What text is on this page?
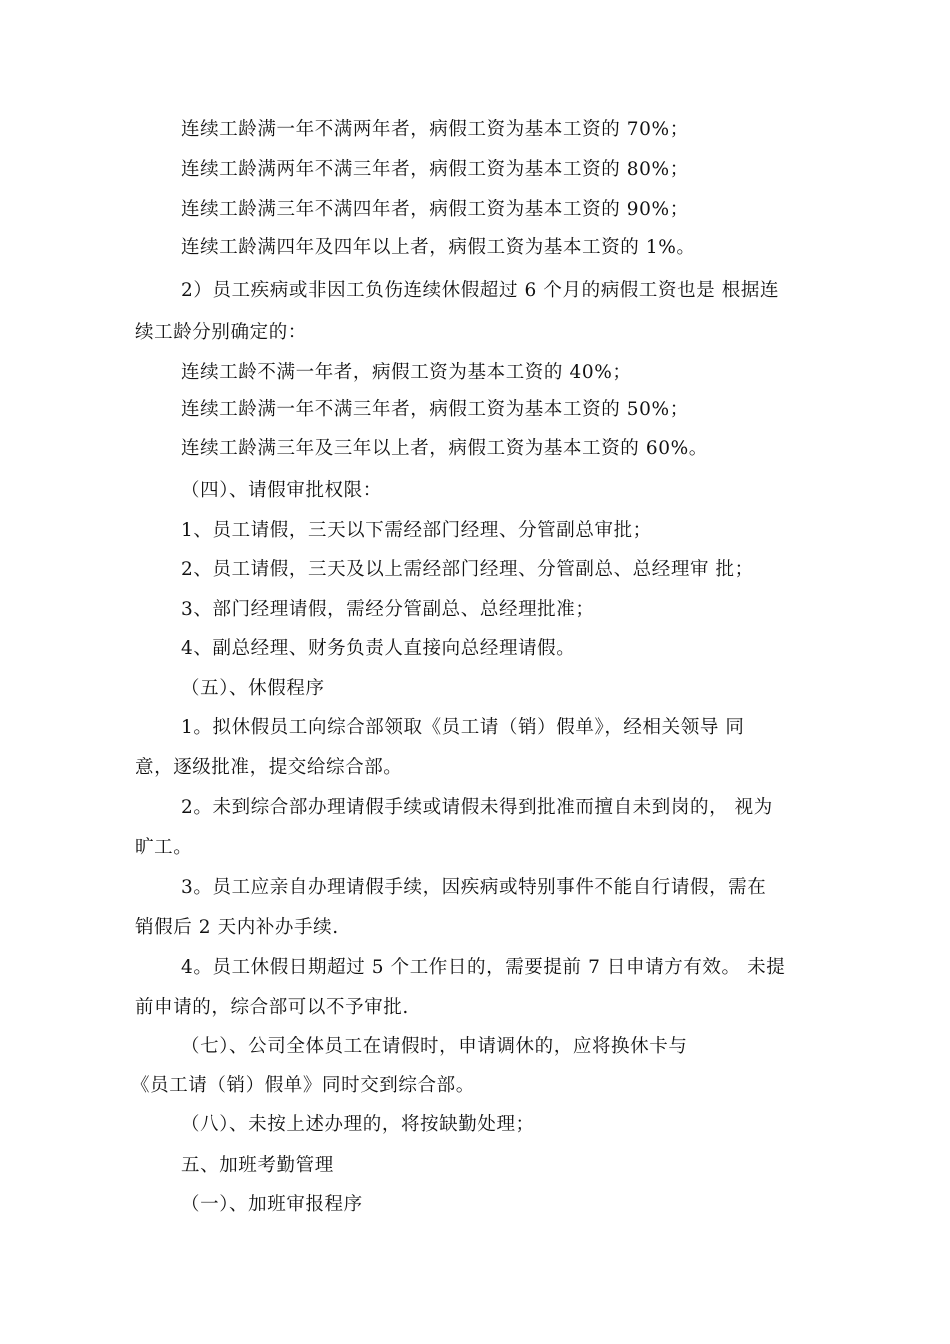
连续工龄满一年不满两年者，病假工资为基本工资的 70%；
连续工龄满两年不满三年者，病假工资为基本工资的 80%；
连续工龄满三年不满四年者，病假工资为基本工资的 90%；
连续工龄满四年及四年以上者，病假工资为基本工资的 1%。
2）员工疾病或非因工负伤连续休假超过 6 个月的病假工资也是 根据连
续工龄分别确定的：
连续工龄不满一年者，病假工资为基本工资的 40%；
连续工龄满一年不满三年者，病假工资为基本工资的 50%；
连续工龄满三年及三年以上者，病假工资为基本工资的 60%。
（四）、请假审批权限：
1、员工请假，三天以下需经部门经理、分管副总审批；
2、员工请假，三天及以上需经部门经理、分管副总、总经理审 批；
3、部门经理请假，需经分管副总、总经理批准；
4、副总经理、财务负责人直接向总经理请假。
（五）、休假程序
1。拟休假员工向综合部领取《员工请（销）假单》，经相关领导 同
意，逐级批准，提交给综合部。
2。未到综合部办理请假手续或请假未得到批准而擅自未到岗的， 视为
旷工。
3。员工应亲自办理请假手续，因疾病或特别事件不能自行请假，需在
销假后 2 天内补办手续.
4。员工休假日期超过 5 个工作日的，需要提前 7 日申请方有效。 未提
前申请的，综合部可以不予审批.
（七）、公司全体员工在请假时，申请调休的，应将换休卡与
《员工请（销）假单》同时交到综合部。
（八）、未按上述办理的，将按缺勤处理；
五、加班考勤管理
（一）、加班审报程序
